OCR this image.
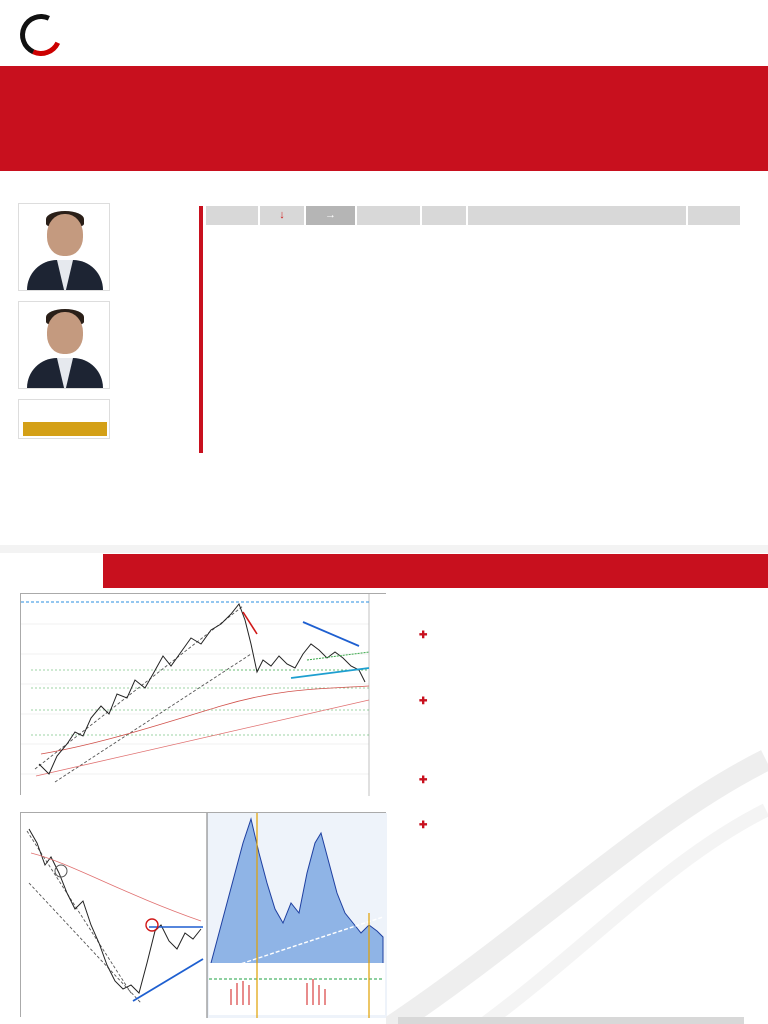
↓	→

✚

✚

✚

✚
